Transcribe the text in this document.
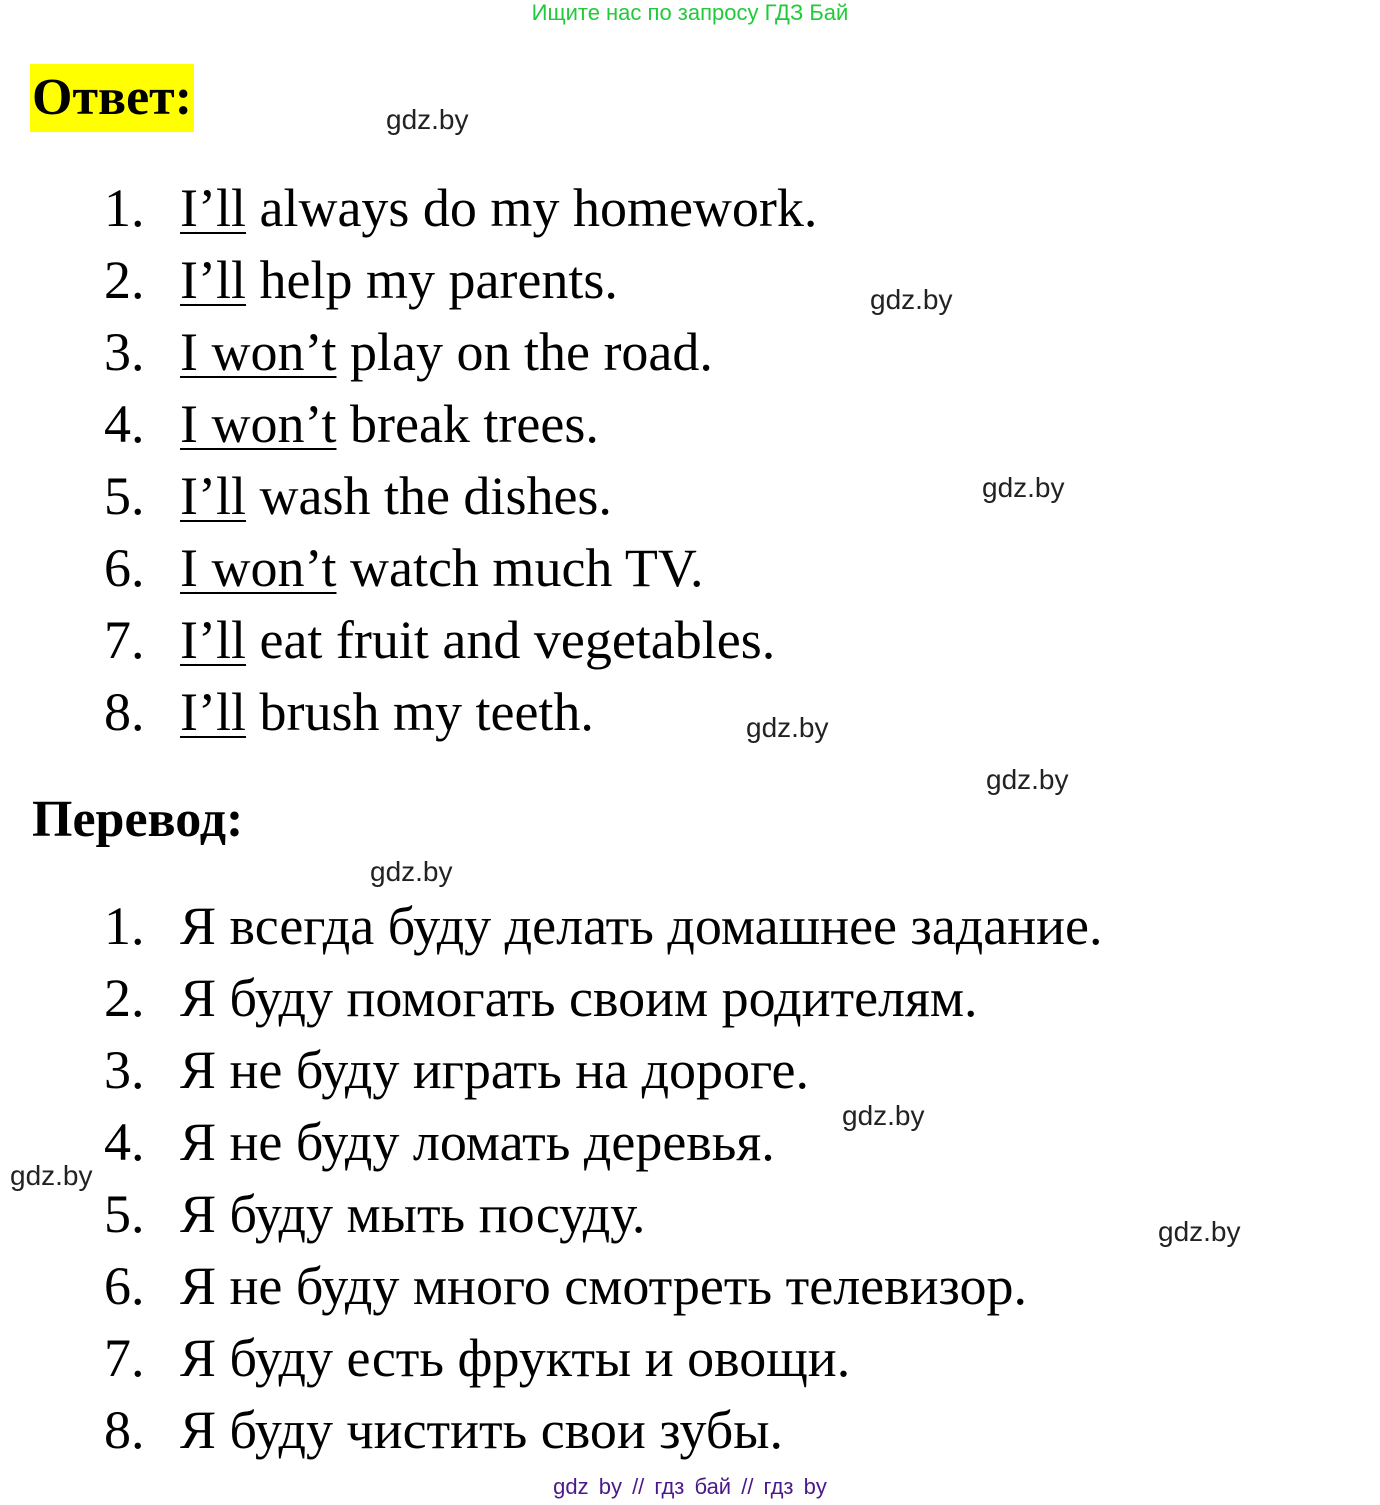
Ищите нас по запросу ГДЗ Бай
Ответ:
1. I’ll always do my homework.
2. I’ll help my parents.
3. I won’t play on the road.
4. I won’t break trees.
5. I’ll wash the dishes.
6. I won’t watch much TV.
7. I’ll eat fruit and vegetables.
8. I’ll brush my teeth.
Перевод:
1. Я всегда буду делать домашнее задание.
2. Я буду помогать своим родителям.
3. Я не буду играть на дороге.
4. Я не буду ломать деревья.
5. Я буду мыть посуду.
6. Я не буду много смотреть телевизор.
7. Я буду есть фрукты и овощи.
8. Я буду чистить свои зубы.
gdz.by
gdz.by
gdz.by
gdz.by
gdz.by
gdz.by
gdz.by
gdz.by
gdz.by
gdz by // гдз бай // гдз by
